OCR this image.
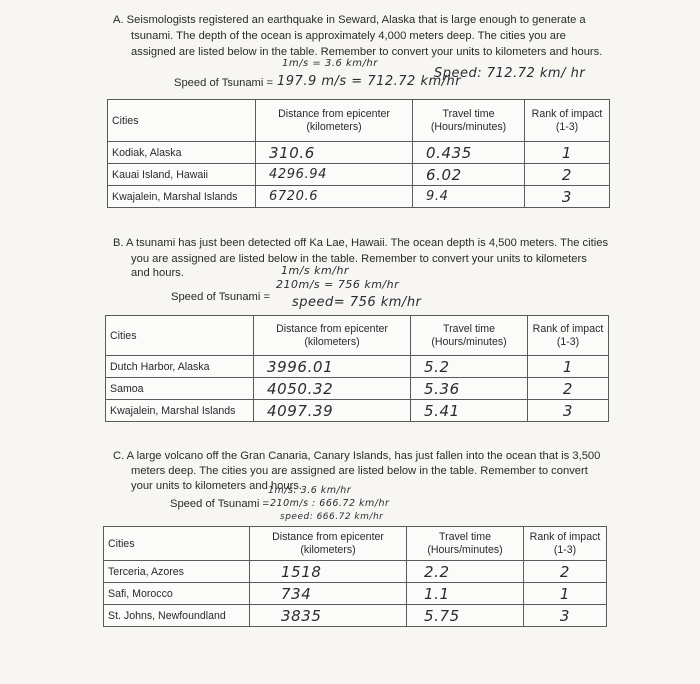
A. Seismologists registered an earthquake in Seward, Alaska that is large enough to generate a
tsunami. The depth of the ocean is approximately 4,000 meters deep. The cities you are
assigned are listed below in the table. Remember to convert your units to kilometers and hours.
1m/s = 3.6 km/hr
Speed: 712.72 km/ hr
Speed of Tsunami = 197.9 m/s = 712.72 km/hr
Cities	Distance from epicenter (kilometers)	Travel time (Hours/minutes)	Rank of impact (1-3)
Kodiak, Alaska	310.6	0.435	1
Kauai Island, Hawaii	4296.94	6.02	2
Kwajalein, Marshal Islands	6720.6	9.4	3
B. A tsunami has just been detected off Ka Lae, Hawaii. The ocean depth is 4,500 meters. The cities
you are assigned are listed below in the table. Remember to convert your units to kilometers
and hours.	1m/s km/hr
210m/s = 756 km/hr
Speed of Tsunami = speed= 756 km/hr
Cities	Distance from epicenter (kilometers)	Travel time (Hours/minutes)	Rank of impact (1-3)
Dutch Harbor, Alaska	3996.01	5.2	1
Samoa	4050.32	5.36	2
Kwajalein, Marshal Islands	4097.39	5.41	3
C. A large volcano off the Gran Canaria, Canary Islands, has just fallen into the ocean that is 3,500
meters deep. The cities you are assigned are listed below in the table. Remember to convert
your units to kilometers and hours.
1m/s: 3.6 km/hr
Speed of Tsunami = 210m/s : 666.72 km/hr
speed: 666.72 km/hr
Cities	Distance from epicenter (kilometers)	Travel time (Hours/minutes)	Rank of impact (1-3)
Terceria, Azores	1518	2.2	2
Safi, Morocco	734	1.1	1
St. Johns, Newfoundland	3835	5.75	3
